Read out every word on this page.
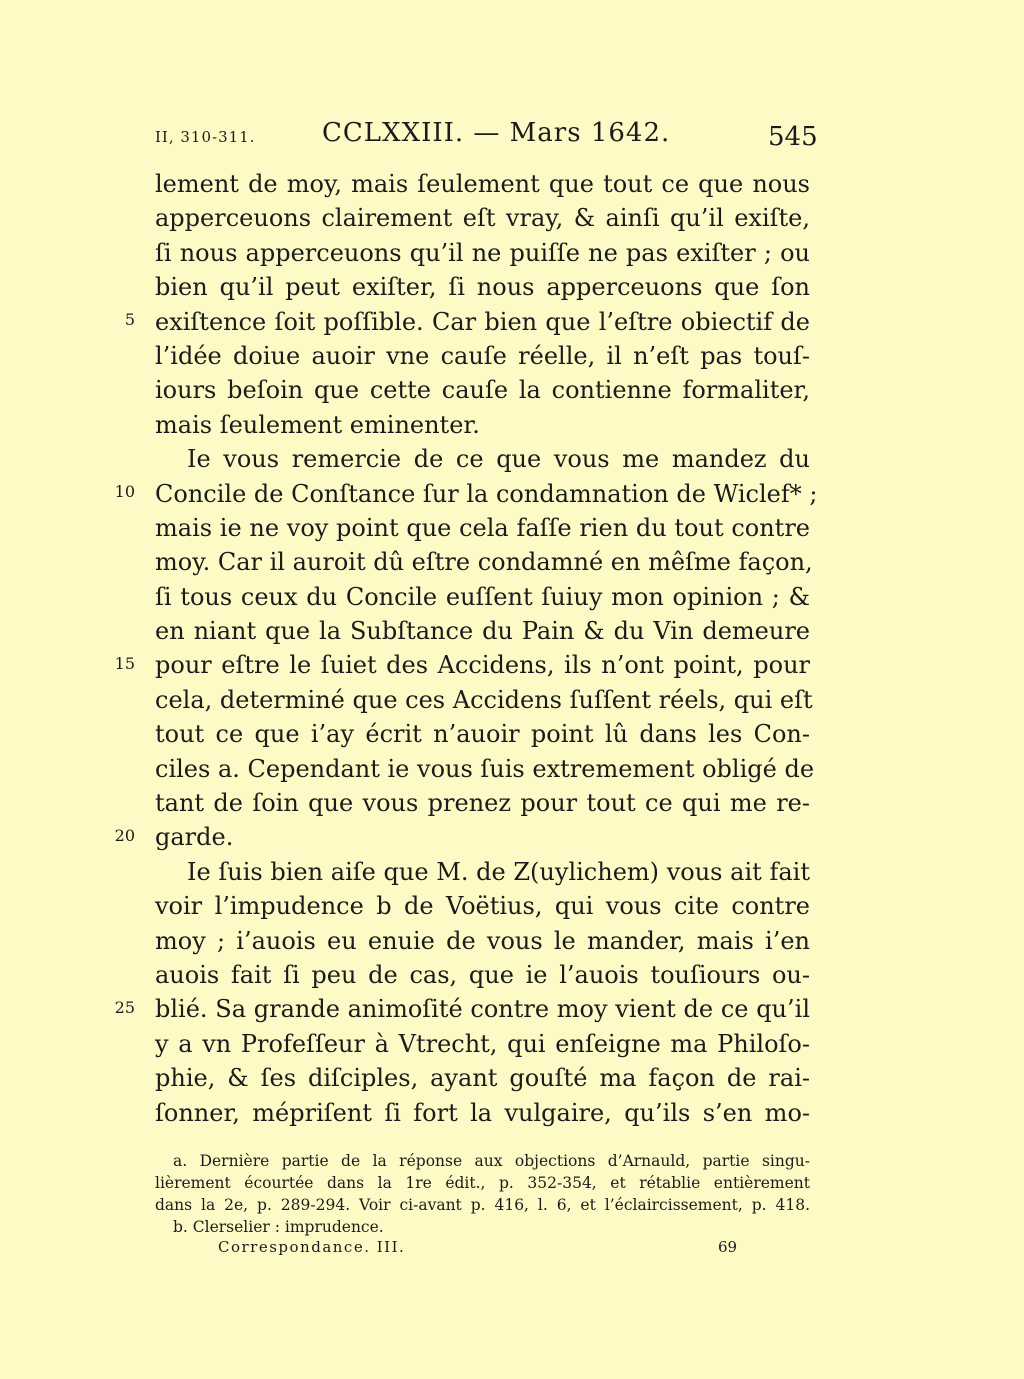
II, 310-311.	CCLXXIII. — Mars 1642.	545
lement de moy, mais ſeulement que tout ce que nous
apperceuons clairement eſt vray, & ainſi qu’il exiſte,
ſi nous apperceuons qu’il ne puiſſe ne pas exiſter ; ou
bien qu’il peut exiſter, ſi nous apperceuons que ſon
exiſtence ſoit poſſible. Car bien que l’eſtre obiectif de
l’idée doiue auoir vne cauſe réelle, il n’eſt pas touſ-
iours beſoin que cette cauſe la contienne formaliter,
mais ſeulement eminenter.
Ie vous remercie de ce que vous me mandez du
Concile de Conſtance ſur la condamnation de Wiclef* ;
mais ie ne voy point que cela faſſe rien du tout contre
moy. Car il auroit dû eſtre condamné en mêſme façon,
ſi tous ceux du Concile euſſent ſuiuy mon opinion ; &
en niant que la Subſtance du Pain & du Vin demeure
pour eſtre le ſuiet des Accidens, ils n’ont point, pour
cela, determiné que ces Accidens ſuſſent réels, qui eſt
tout ce que i’ay écrit n’auoir point lû dans les Con-
ciles a. Cependant ie vous ſuis extremement obligé de
tant de ſoin que vous prenez pour tout ce qui me re-
garde.
Ie ſuis bien aiſe que M. de Z(uylichem) vous ait fait
voir l’impudence b de Voëtius, qui vous cite contre
moy ; i’auois eu enuie de vous le mander, mais i’en
auois fait ſi peu de cas, que ie l’auois touſiours ou-
blié. Sa grande animoſité contre moy vient de ce qu’il
y a vn Profeſſeur à Vtrecht, qui enſeigne ma Philoſo-
phie, & ſes diſciples, ayant gouſté ma façon de rai-
ſonner, mépriſent ſi fort la vulgaire, qu’ils s’en mo-
5
10
15
20
25
a. Dernière partie de la réponse aux objections d’Arnauld, partie singu-
lièrement écourtée dans la 1re édit., p. 352-354, et rétablie entièrement
dans la 2e, p. 289-294. Voir ci-avant p. 416, l. 6, et l’éclaircissement, p. 418.
b. Clerselier : imprudence.
Correspondance. III.	69
